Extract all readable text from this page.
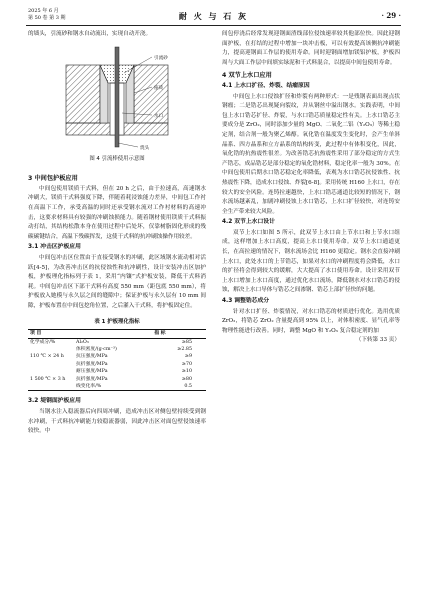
2025 年 6 月
第 50 卷 第 3 期	耐 火 与 石 灰	· 29 ·

的墙头，引流砂和钢水自动流出，实现自动开浇。

引流砂
座砖
水口
烧头
图 4 引流棒使用示意图
3 中间包护板应用

中间包使用镁质干式料，但在 20 h 之后，由于拉速高，高速钢水冲刷大，镁质干式料强度下降，伴随着耗浸蚀能力差异，中间包工作衬在高温下工作，承受高温的同时还承受钢水流对工作衬材料的高速冲击，这要求材料具有较强的冲刷蚀损能力。随着钢材使用镁质干式料振动打结，其结构松散本身在使用过程中后处坏，仅靠树脂固化形成的残碳碳键结合，高温下残碳挥发，这使干式料的抗冲刷蚀操作用较差。

3.1 冲击区护板应用

中间包冲击区位置由于直接受钢水的冲刷，此区域钢水流动相对活跃[4-5]，为改善冲击区的抗侵蚀性和抗冲刷性，设计安装冲击区加护板，护板理化指标列于表 1，采用“内镶”式护板安装，降低干式料消耗。中间包冲击区下部干式料有高度 550 mm（距包底 550 mm），将护板放入她模与永久层之间的缝隙中；保证护板与永久层有 10 mm 间隙，护板布置在中间包挖角位置，之后灌入干式料，将护板固定住。

表 1 护板理化指标
项 目		指 标
化学成分/%	Al₂O₃	≥85
	体积密度/(g·cm⁻³)	≥2.85
110 ℃ × 24 h	抗压强度/MPa	≥9
	抗折强度/MPa	≥70
	耐压强度/MPa	≥10
1 500 ℃ × 3 h	抗折强度/MPa	≥80
	线变化率/%	0.5
3.2 堤钢面护板应用

当钢水注入稳流器后向四周冲刷，造成冲击区对侧包壁持续受到钢水冲刷，干式料抗冲刷能力较稳流器弱，因此冲击区对面包壁侵蚀速率较快。中

间包停浇后经常发现迎钢面渣线部位侵蚀速率较其他部位快。因此迎钢面护板，在打结的过程中增加一块冲击板，可以有效提高该侧抗冲刷能力，提高迎钢面工作层的使用寿命。同时迎钢面增加镁铝护板，护板四周与大面工作层中间填实绿泥和干式料混合，以提高中间包使用寿命。

4 双节上水口应用
4.1 上水口扩径、炸裂、结瘤原因

中间包上水口侵蚀扩径和炸裂有两种形式：一是残钢表面出现点状钢瘤；二是锆芯出现疑向裂纹，并从钢丝中溢出钢水。实践表明，中间包上水口锆芯扩径、炸裂，与水口锆芯质量稳定性有关。上水口锆芯主要成分是 ZrO₂，同时添加少量的 MgO、二氧化二铝（Y₂O₃）等稀土稳定剂，结合剂一般为聚乙烯醇。氧化锆在温度发生变化时，会产生单斜晶系、四方晶系和立方晶系的结构转变，此过程中有体积变化，因此，氧化锆的抗热震性很差。为改善锆芯抗热震性采用了部分稳定的方式生产锆芯，成品锆芯是部分稳定的氧化锆材料，稳定化率一般为 30%。在中间包使用后期水口锆芯稳定化率降低，表观为水口锆芯抗侵蚀性、抗热震性下降，造成水口侵蚀、炸裂[6-8]。采用传统 H160 上水口，存在较大的安全风险。连铸拉速越快，上水口锆芯通道比较短的情况下，钢水流场越紊乱，加剧冲刷侵蚀上水口锆芯，上水口扩径较快，对连铸安全生产带来较大风险。

4.2 双节上水口设计

双节上水口如图 5 所示，此双节上水口由上节水口和上节水口组成，这样增加上水口高度，提高上水口使用寿命。双节上水口通道更长，在高拉速的情况下，钢水流场会比 H160 更稳定。钢水会直接冲刷上水口，此处水口的上节锆芯，如果对水口的冲刷程度将会降低，水口的扩径将会得到较大的缓解，大大提高了水口使用寿命。设计采用双节上水口增加上水口高度，通过优化水口流场，降低钢水对水口锆芯的侵蚀，解决上水口导体与锆芯之间渗钢、锆芯上部扩径快的问题。

4.3 调整锆芯成分

针对水口扩径、炸裂情况，对水口锆芯的材质进行优化。选用优质 ZrO₂，将锆芯 ZrO₂ 含量提高到 95% 以上，对体积密度、显气孔率等物理性能进行改善。同时，调整 MgO 和 Y₂O₃ 复合稳定剂的加

（下转第 33 页）
